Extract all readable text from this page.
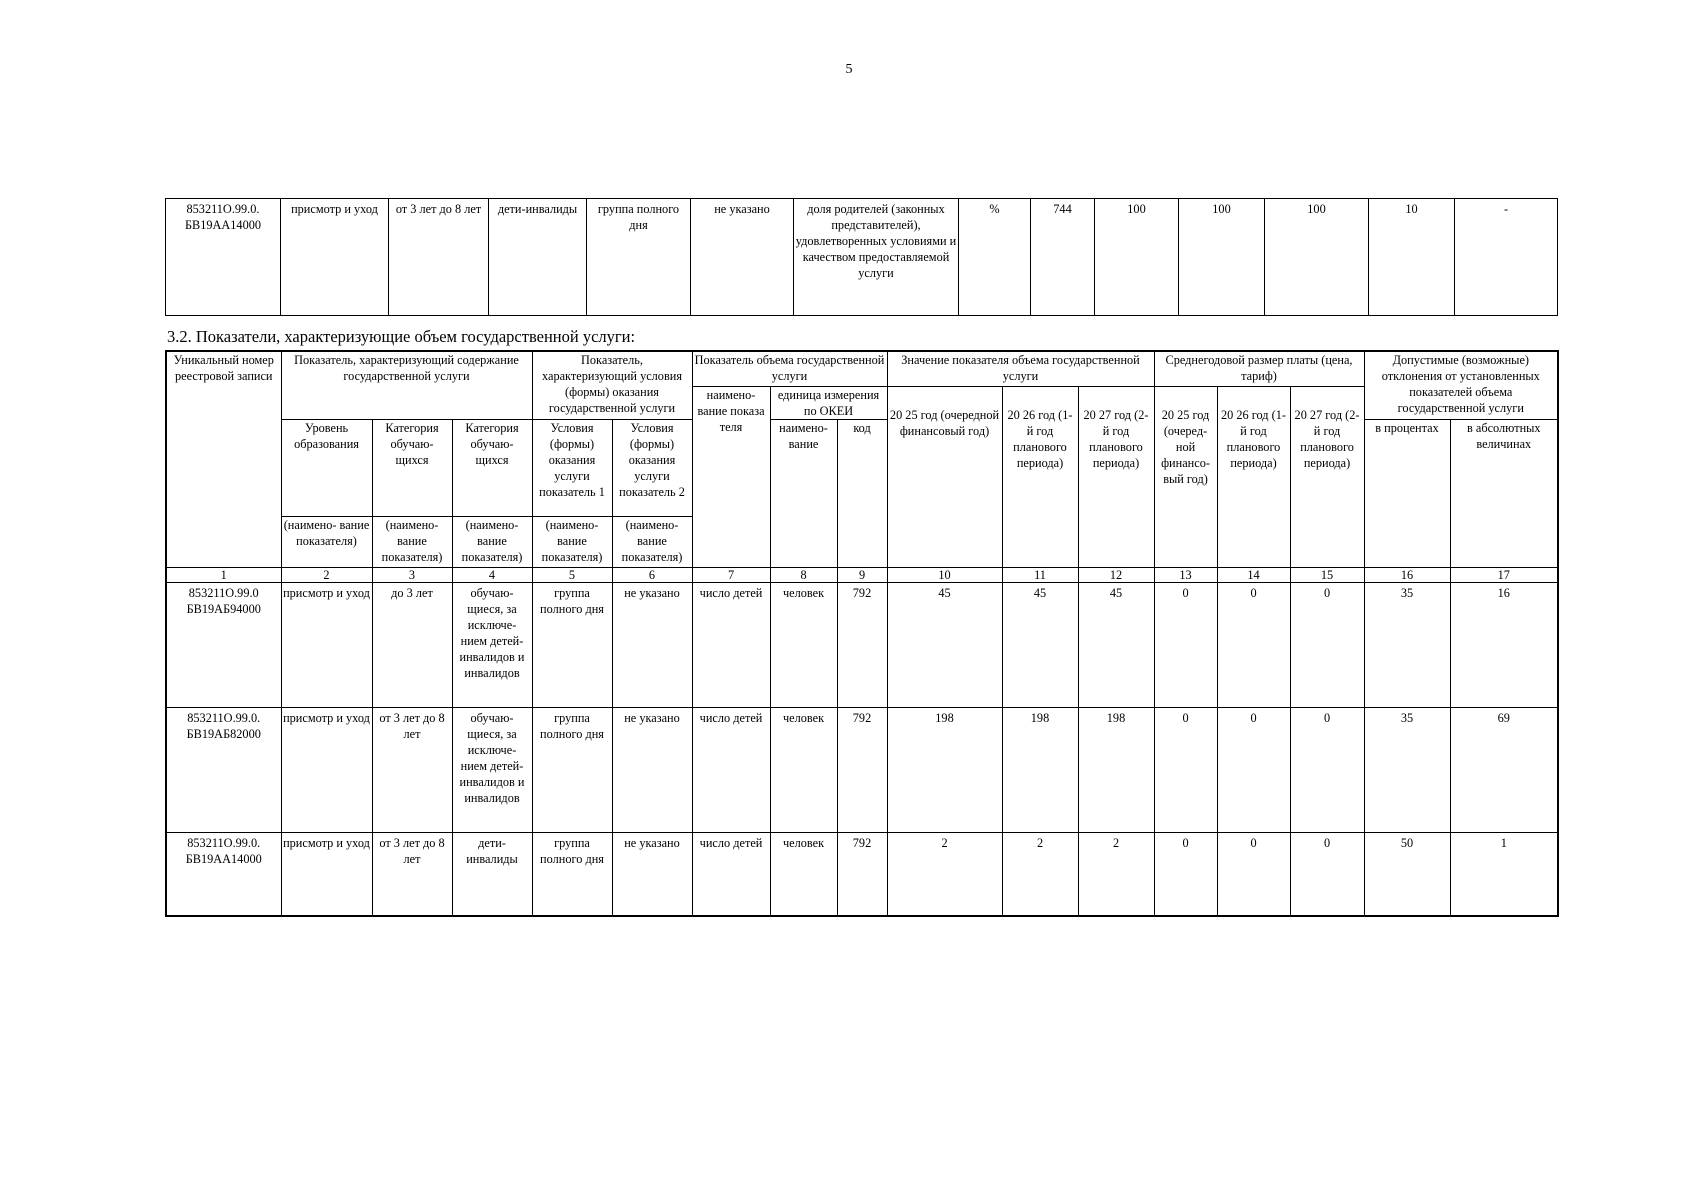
5
853211О.99.0. БВ19АА14000	присмотр и уход	от 3 лет до 8 лет	дети-инвалиды	группа полного дня	не указано	доля родителей (законных представителей), удовлетворенных условиями и качеством предоставляемой услуги	%	744	100	100	100	10	-
3.2. Показатели, характеризующие объем государственной услуги:
Уникальный номер реестровой записи	Показатель, характеризующий содержание государственной услуги			Показатель, характеризующий условия (формы) оказания государственной услуги		Показатель объема государственной услуги			Значение показателя объема государственной услуги			Среднегодовой размер платы (цена, тариф)			Допустимые (возможные) отклонения от установленных показателей объема государственной услуги	
						наимено- вание показа теля	единица измерения по ОКЕИ		20 25 год (очередной финансовый год)	20 26 год (1-й год планового периода)	20 27 год (2-й год планового периода)	20 25 год (очеред- ной финансо- вый год)	20 26 год (1-й год планового периода)	20 27 год (2-й год планового периода)		
	Уровень образования	Категория обучаю- щихся	Категория обучаю- щихся	Условия (формы) оказания услуги показатель 1	Условия (формы) оказания услуги показатель 2		наимено- вание	код							в процентах	в абсолютных величинах
	(наимено- вание показателя)	(наимено- вание показателя)	(наимено- вание показателя)	(наимено- вание показателя)	(наимено- вание показателя)											
1	2	3	4	5	6	7	8	9	10	11	12	13	14	15	16	17
853211О.99.0 БВ19АБ94000	присмотр и уход	до 3 лет	обучаю- щиеся, за исключе- нием детей- инвалидов и инвалидов	группа полного дня	не указано	число детей	человек	792	45	45	45	0	0	0	35	16
853211О.99.0. БВ19АБ82000	присмотр и уход	от 3 лет до 8 лет	обучаю- щиеся, за исключе- нием детей- инвалидов и инвалидов	группа полного дня	не указано	число детей	человек	792	198	198	198	0	0	0	35	69
853211О.99.0. БВ19АА14000	присмотр и уход	от 3 лет до 8 лет	дети- инвалиды	группа полного дня	не указано	число детей	человек	792	2	2	2	0	0	0	50	1
